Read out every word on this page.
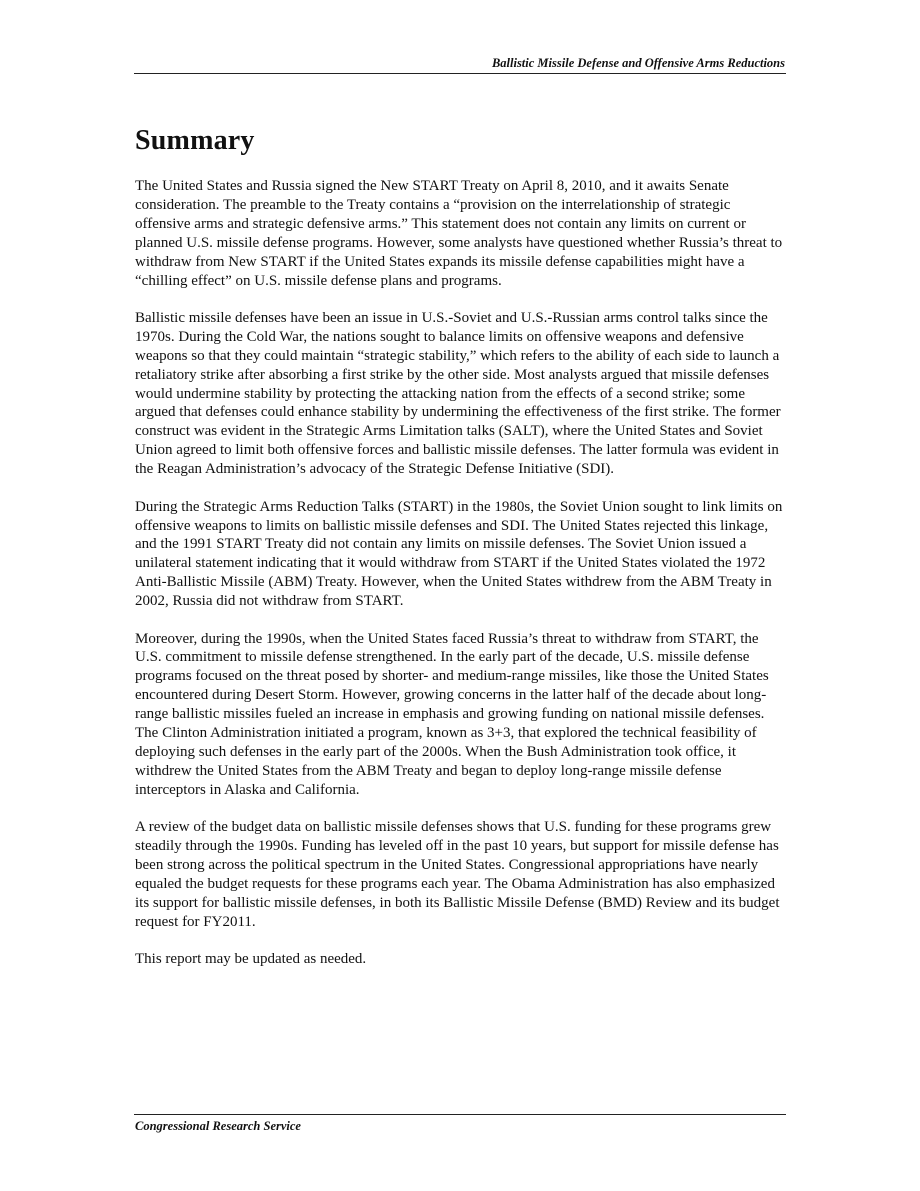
Ballistic Missile Defense and Offensive Arms Reductions
Summary

The United States and Russia signed the New START Treaty on April 8, 2010, and it awaits Senate consideration. The preamble to the Treaty contains a “provision on the interrelationship of strategic offensive arms and strategic defensive arms.” This statement does not contain any limits on current or planned U.S. missile defense programs. However, some analysts have questioned whether Russia’s threat to withdraw from New START if the United States expands its missile defense capabilities might have a “chilling effect” on U.S. missile defense plans and programs.

Ballistic missile defenses have been an issue in U.S.-Soviet and U.S.-Russian arms control talks since the 1970s. During the Cold War, the nations sought to balance limits on offensive weapons and defensive weapons so that they could maintain “strategic stability,” which refers to the ability of each side to launch a retaliatory strike after absorbing a first strike by the other side. Most analysts argued that missile defenses would undermine stability by protecting the attacking nation from the effects of a second strike; some argued that defenses could enhance stability by undermining the effectiveness of the first strike. The former construct was evident in the Strategic Arms Limitation talks (SALT), where the United States and Soviet Union agreed to limit both offensive forces and ballistic missile defenses. The latter formula was evident in the Reagan Administration’s advocacy of the Strategic Defense Initiative (SDI).

During the Strategic Arms Reduction Talks (START) in the 1980s, the Soviet Union sought to link limits on offensive weapons to limits on ballistic missile defenses and SDI. The United States rejected this linkage, and the 1991 START Treaty did not contain any limits on missile defenses. The Soviet Union issued a unilateral statement indicating that it would withdraw from START if the United States violated the 1972 Anti-Ballistic Missile (ABM) Treaty. However, when the United States withdrew from the ABM Treaty in 2002, Russia did not withdraw from START.

Moreover, during the 1990s, when the United States faced Russia’s threat to withdraw from START, the U.S. commitment to missile defense strengthened. In the early part of the decade, U.S. missile defense programs focused on the threat posed by shorter- and medium-range missiles, like those the United States encountered during Desert Storm. However, growing concerns in the latter half of the decade about long-range ballistic missiles fueled an increase in emphasis and growing funding on national missile defenses. The Clinton Administration initiated a program, known as 3+3, that explored the technical feasibility of deploying such defenses in the early part of the 2000s. When the Bush Administration took office, it withdrew the United States from the ABM Treaty and began to deploy long-range missile defense interceptors in Alaska and California.

A review of the budget data on ballistic missile defenses shows that U.S. funding for these programs grew steadily through the 1990s. Funding has leveled off in the past 10 years, but support for missile defense has been strong across the political spectrum in the United States. Congressional appropriations have nearly equaled the budget requests for these programs each year. The Obama Administration has also emphasized its support for ballistic missile defenses, in both its Ballistic Missile Defense (BMD) Review and its budget request for FY2011.

This report may be updated as needed.

Congressional Research Service
